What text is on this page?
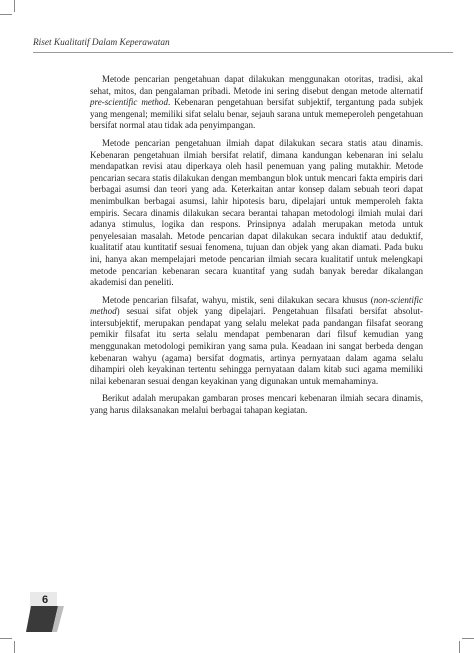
Riset Kualitatif Dalam Keperawatan

Metode pencarian pengetahuan dapat dilakukan menggunakan otoritas, tradisi, akal sehat, mitos, dan pengalaman pribadi. Metode ini sering disebut dengan metode alternatif pre-scientific method. Kebenaran pengetahuan bersifat subjektif, tergantung pada subjek yang mengenal; memiliki sifat selalu benar, sejauh sarana untuk memeperoleh pengetahuan bersifat normal atau tidak ada penyimpangan.

Metode pencarian pengetahuan ilmiah dapat dilakukan secara statis atau dinamis. Kebenaran pengetahuan ilmiah bersifat relatif, dimana kandungan kebenaran ini selalu mendapatkan revisi atau diperkaya oleh hasil penemuan yang paling mutakhir. Metode pencarian secara statis dilakukan dengan membangun blok untuk mencari fakta empiris dari berbagai asumsi dan teori yang ada. Keterkaitan antar konsep dalam sebuah teori dapat menimbulkan berbagai asumsi, lahir hipotesis baru, dipelajari untuk memperoleh fakta empiris. Secara dinamis dilakukan secara berantai tahapan metodologi ilmiah mulai dari adanya stimulus, logika dan respons. Prinsipnya adalah merupakan metoda untuk penyelesaian masalah. Metode pencarian dapat dilakukan secara induktif atau deduktif, kualitatif atau kuntitatif sesuai fenomena, tujuan dan objek yang akan diamati. Pada buku ini, hanya akan mempelajari metode pencarian ilmiah secara kualitatif untuk melengkapi metode pencarian kebenaran secara kuantitaf yang sudah banyak beredar dikalangan akademisi dan peneliti.

Metode pencarian filsafat, wahyu, mistik, seni dilakukan secara khusus (non-scientific method) sesuai sifat objek yang dipelajari. Pengetahuan filsafati bersifat absolut-intersubjektif, merupakan pendapat yang selalu melekat pada pandangan filsafat seorang pemikir filsafat itu serta selalu mendapat pembenaran dari filsuf kemudian yang menggunakan metodologi pemikiran yang sama pula. Keadaan ini sangat berbeda dengan kebenaran wahyu (agama) bersifat dogmatis, artinya pernyataan dalam agama selalu dihampiri oleh keyakinan tertentu sehingga pernyataan dalam kitab suci agama memiliki nilai kebenaran sesuai dengan keyakinan yang digunakan untuk memahaminya.

Berikut adalah merupakan gambaran proses mencari kebenaran ilmiah secara dinamis, yang harus dilaksanakan melalui berbagai tahapan kegiatan.

6
